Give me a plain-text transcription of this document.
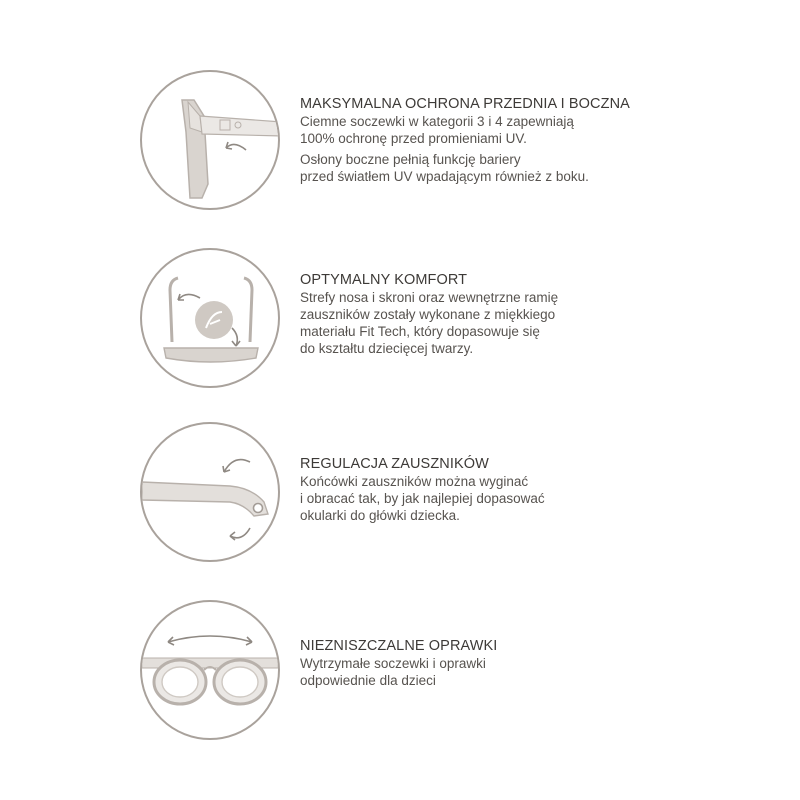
MAKSYMALNA OCHRONA PRZEDNIA I BOCZNA

Ciemne soczewki w kategorii 3 i 4 zapewniają
100% ochronę przed promieniami UV.

Osłony boczne pełnią funkcję bariery
przed światłem UV wpadającym również z boku.

OPTYMALNY KOMFORT

Strefy nosa i skroni oraz wewnętrzne ramię
zauszników zostały wykonane z miękkiego
materiału Fit Tech, który dopasowuje się
do kształtu dziecięcej twarzy.

REGULACJA ZAUSZNIKÓW

Końcówki zauszników można wyginać
i obracać tak, by jak najlepiej dopasować
okularki do główki dziecka.

NIEZNISZCZALNE OPRAWKI

Wytrzymałe soczewki i oprawki
odpowiednie dla dzieci
